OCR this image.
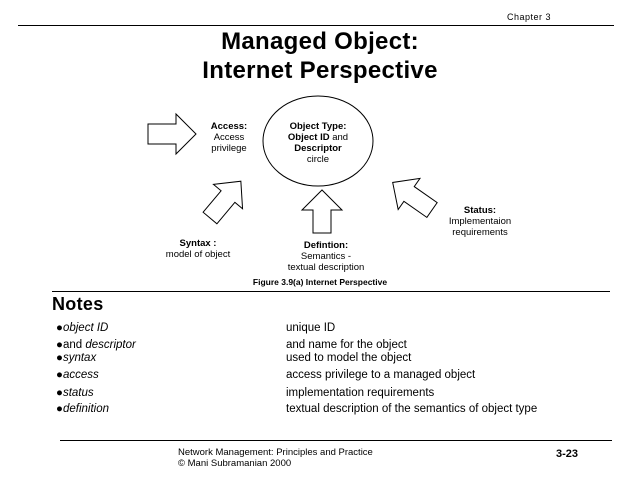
Chapter 3
Managed Object:
Internet Perspective
Object Type:
Object ID and
Descriptor
circle
Access:
Access
privilege
Syntax :
model of object
Defintion:
Semantics -
textual description
Status:
Implementaion
requirements
Figure 3.9(a) Internet Perspective
Notes
●object ID	unique ID
●and descriptor	and name for the object
●syntax	used to model the object
●access	access privilege to a managed object
●status	implementation requirements
●definition	textual description of the semantics of object type
Network Management: Principles and Practice
© Mani Subramanian 2000
3-23
